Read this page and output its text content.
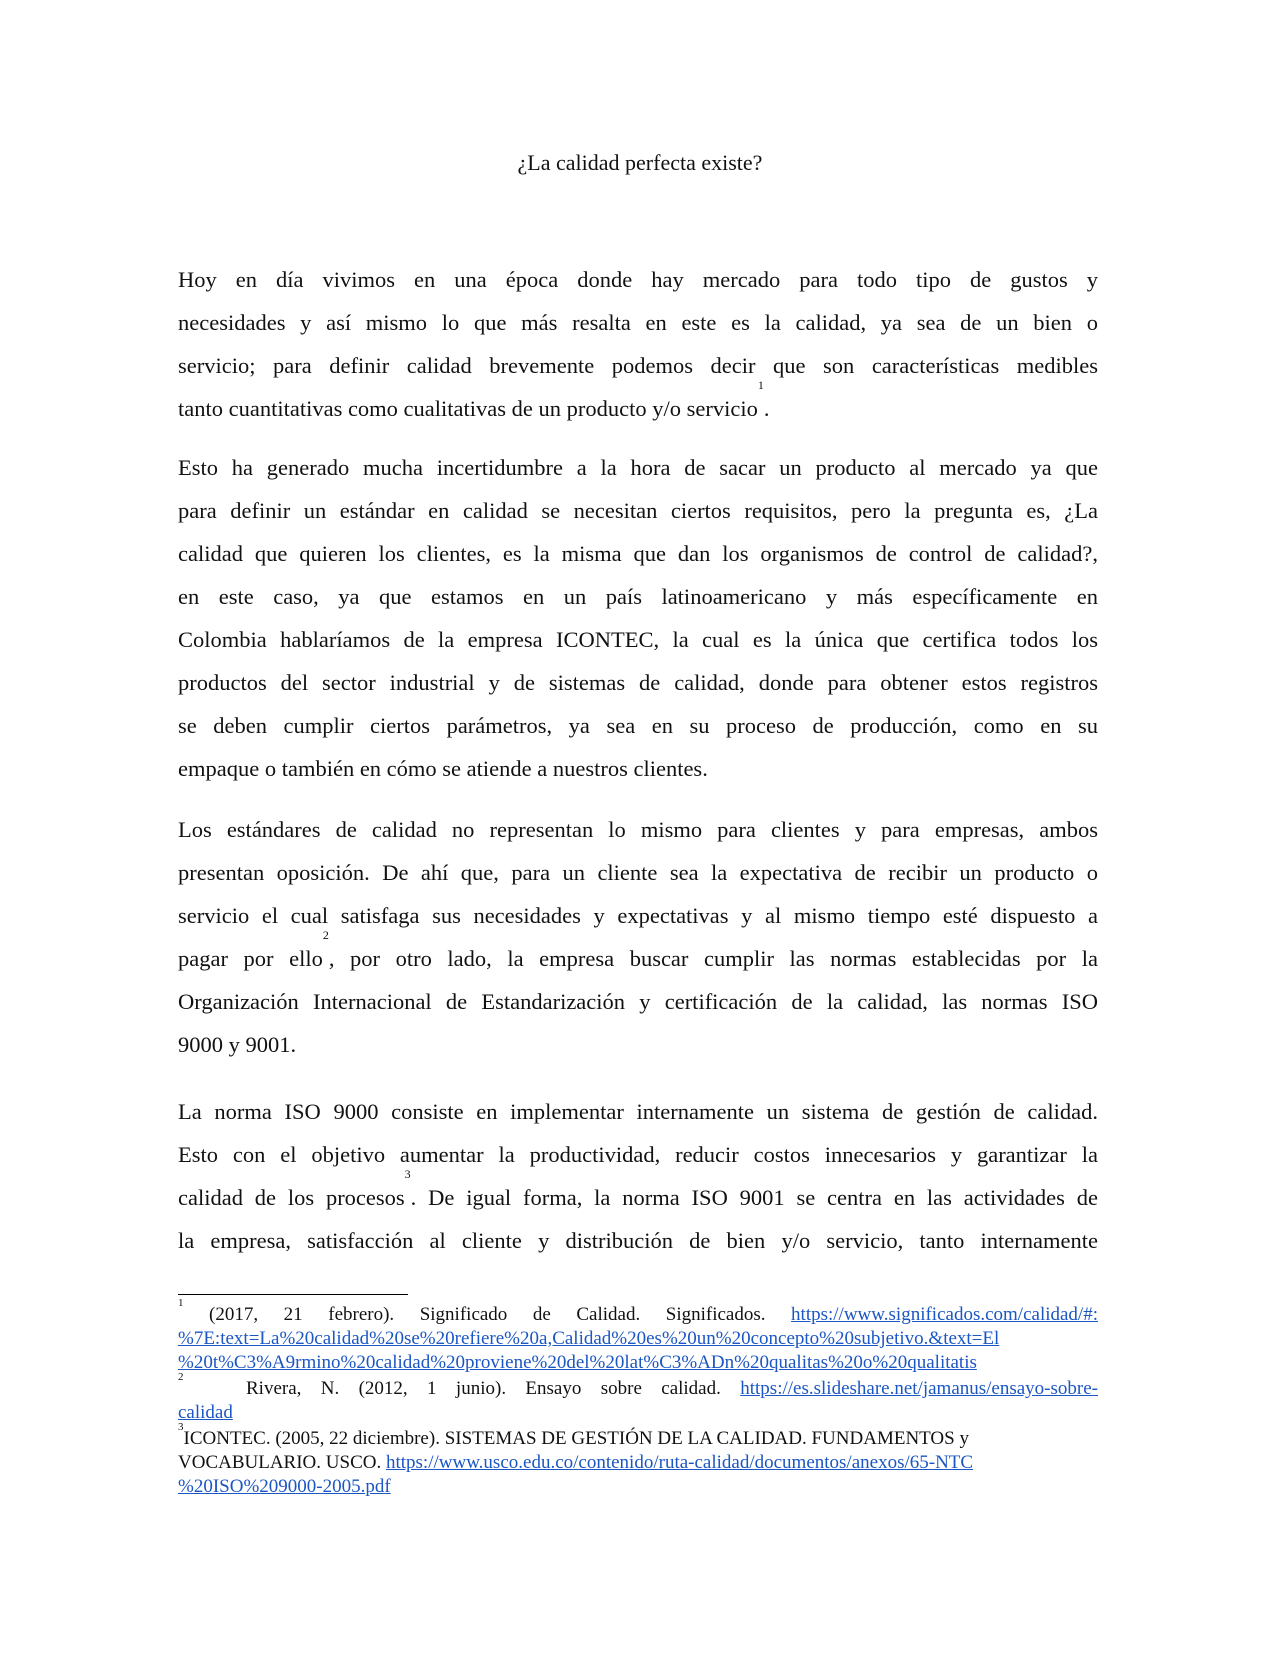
¿La calidad perfecta existe?
Hoy en día vivimos en una época donde hay mercado para todo tipo de gustos y
necesidades y así mismo lo que más resalta en este es la calidad, ya sea de un bien o
servicio; para definir calidad brevemente podemos decir que son características medibles
tanto cuantitativas como cualitativas de un producto y/o servicio$^1$.
Esto ha generado mucha incertidumbre a la hora de sacar un producto al mercado ya que
para definir un estándar en calidad se necesitan ciertos requisitos, pero la pregunta es, ¿La
calidad que quieren los clientes, es la misma que dan los organismos de control de calidad?,
en este caso, ya que estamos en un país latinoamericano y más específicamente en
Colombia hablaríamos de la empresa ICONTEC, la cual es la única que certifica todos los
productos del sector industrial y de sistemas de calidad, donde para obtener estos registros
se deben cumplir ciertos parámetros, ya sea en su proceso de producción, como en su
empaque o también en cómo se atiende a nuestros clientes.
Los estándares de calidad no representan lo mismo para clientes y para empresas, ambos
presentan oposición. De ahí que, para un cliente sea la expectativa de recibir un producto o
servicio el cual satisfaga sus necesidades y expectativas y al mismo tiempo esté dispuesto a
pagar por ello$^2$, por otro lado, la empresa buscar cumplir las normas establecidas por la
Organización Internacional de Estandarización y certificación de la calidad, las normas ISO
9000 y 9001.
La norma ISO 9000 consiste en implementar internamente un sistema de gestión de calidad.
Esto con el objetivo aumentar la productividad, reducir costos innecesarios y garantizar la
calidad de los procesos$^3$. De igual forma, la norma ISO 9001 se centra en las actividades de
la empresa, satisfacción al cliente y distribución de bien y/o servicio, tanto internamente
$^1$ (2017, 21 febrero). Significado de Calidad. Significados. https://www.significados.com/calidad/#:
%7E:text=La%20calidad%20se%20refiere%20a,Calidad%20es%20un%20concepto%20subjetivo.&text=El
%20t%C3%A9rmino%20calidad%20proviene%20del%20lat%C3%ADn%20qualitas%20o%20qualitatis
2
Rivera, N. (2012, 1 junio). Ensayo sobre calidad. https://es.slideshare.net/jamanus/ensayo-sobre-
calidad
$^3$ICONTEC. (2005, 22 diciembre). SISTEMAS DE GESTIÓN DE LA CALIDAD. FUNDAMENTOS y
VOCABULARIO. USCO. https://www.usco.edu.co/contenido/ruta-calidad/documentos/anexos/65-NTC
%20ISO%209000-2005.pdf
